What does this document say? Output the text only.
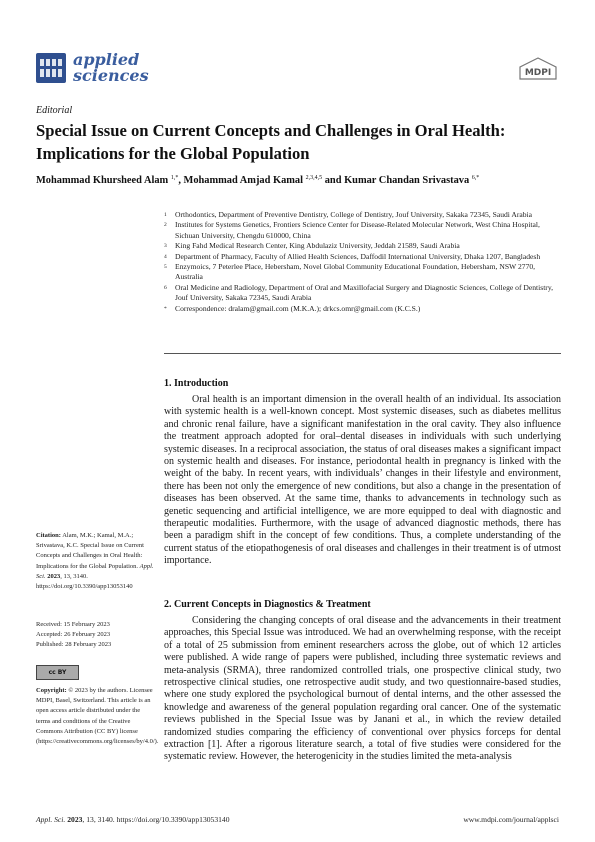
applied
sciences	MDPI
Editorial
Special Issue on Current Concepts and Challenges in Oral Health: Implications for the Global Population
Mohammad Khursheed Alam $^{1,*}$, Mohammad Amjad Kamal $^{2,3,4,5}$ and Kumar Chandan Srivastava $^{6,*}$
1	Orthodontics, Department of Preventive Dentistry, College of Dentistry, Jouf University, Sakaka 72345, Saudi Arabia
2	Institutes for Systems Genetics, Frontiers Science Center for Disease-Related Molecular Network, West China Hospital, Sichuan University, Chengdu 610000, China
3	King Fahd Medical Research Center, King Abdulaziz University, Jeddah 21589, Saudi Arabia
4	Department of Pharmacy, Faculty of Allied Health Sciences, Daffodil International University, Dhaka 1207, Bangladesh
5	Enzymoics, 7 Peterlee Place, Hebersham, Novel Global Community Educational Foundation, Hebersham, NSW 2770, Australia
6	Oral Medicine and Radiology, Department of Oral and Maxillofacial Surgery and Diagnostic Sciences, College of Dentistry, Jouf University, Sakaka 72345, Saudi Arabia
*	Correspondence: dralam@gmail.com (M.K.A.); drkcs.omr@gmail.com (K.C.S.)
1. Introduction

Oral health is an important dimension in the overall health of an individual. Its association with systemic health is a well-known concept. Most systemic diseases, such as diabetes mellitus and chronic renal failure, have a significant manifestation in the oral cavity. They also influence the treatment approach adopted for oral–dental diseases in individuals with such underlying systemic diseases. In a reciprocal association, the status of oral diseases makes a significant impact on systemic health and diseases. For instance, periodontal health in pregnancy is linked with the weight of the baby. In recent years, with individuals’ changes in their lifestyle and environment, there has been not only the emergence of new conditions, but also a change in the presentation of diseases has been observed. At the same time, thanks to advancements in technology such as genetic sequencing and artificial intelligence, we are more equipped to deal with diagnostic and therapeutic modalities. Furthermore, with the usage of advanced diagnostic methods, there has been a paradigm shift in the concept of few conditions. Thus, a complete understanding of the current status of the etiopathogenesis of oral diseases and challenges in their treatment is of utmost importance.

2. Current Concepts in Diagnostics & Treatment

Considering the changing concepts of oral disease and the advancements in their treatment approaches, this Special Issue was introduced. We had an overwhelming response, with the receipt of a total of 25 submission from eminent researchers across the globe, out of which 12 articles were published. A wide range of papers were published, including three systematic reviews and meta-analysis (SRMA), three randomized controlled trials, one prospective clinical study, two retrospective clinical studies, one retrospective audit study, and two questionnaire-based studies, where one study explored the psychological burnout of dental interns, and the other assessed the knowledge and awareness of the general population regarding oral cancer. One of the systematic reviews published in the Special Issue was by Janani et al., in which the review detailed randomized studies comparing the efficiency of conventional over physics forceps for dental extraction [1]. After a rigorous literature search, a total of five studies were considered for the systematic review. However, the heterogenicity in the studies limited the meta-analysis

Citation: Alam, M.K.; Kamal, M.A.; Srivastava, K.C. Special Issue on Current Concepts and Challenges in Oral Health: Implications for the Global Population. Appl. Sci. 2023, 13, 3140. https://doi.org/10.3390/app13053140
Received: 15 February 2023
Accepted: 26 February 2023
Published: 28 February 2023
cc BY
Copyright: © 2023 by the authors. Licensee MDPI, Basel, Switzerland. This article is an open access article distributed under the terms and conditions of the Creative Commons Attribution (CC BY) license (https://creativecommons.org/licenses/by/4.0/).
Appl. Sci. 2023, 13, 3140. https://doi.org/10.3390/app13053140	www.mdpi.com/journal/applsci
